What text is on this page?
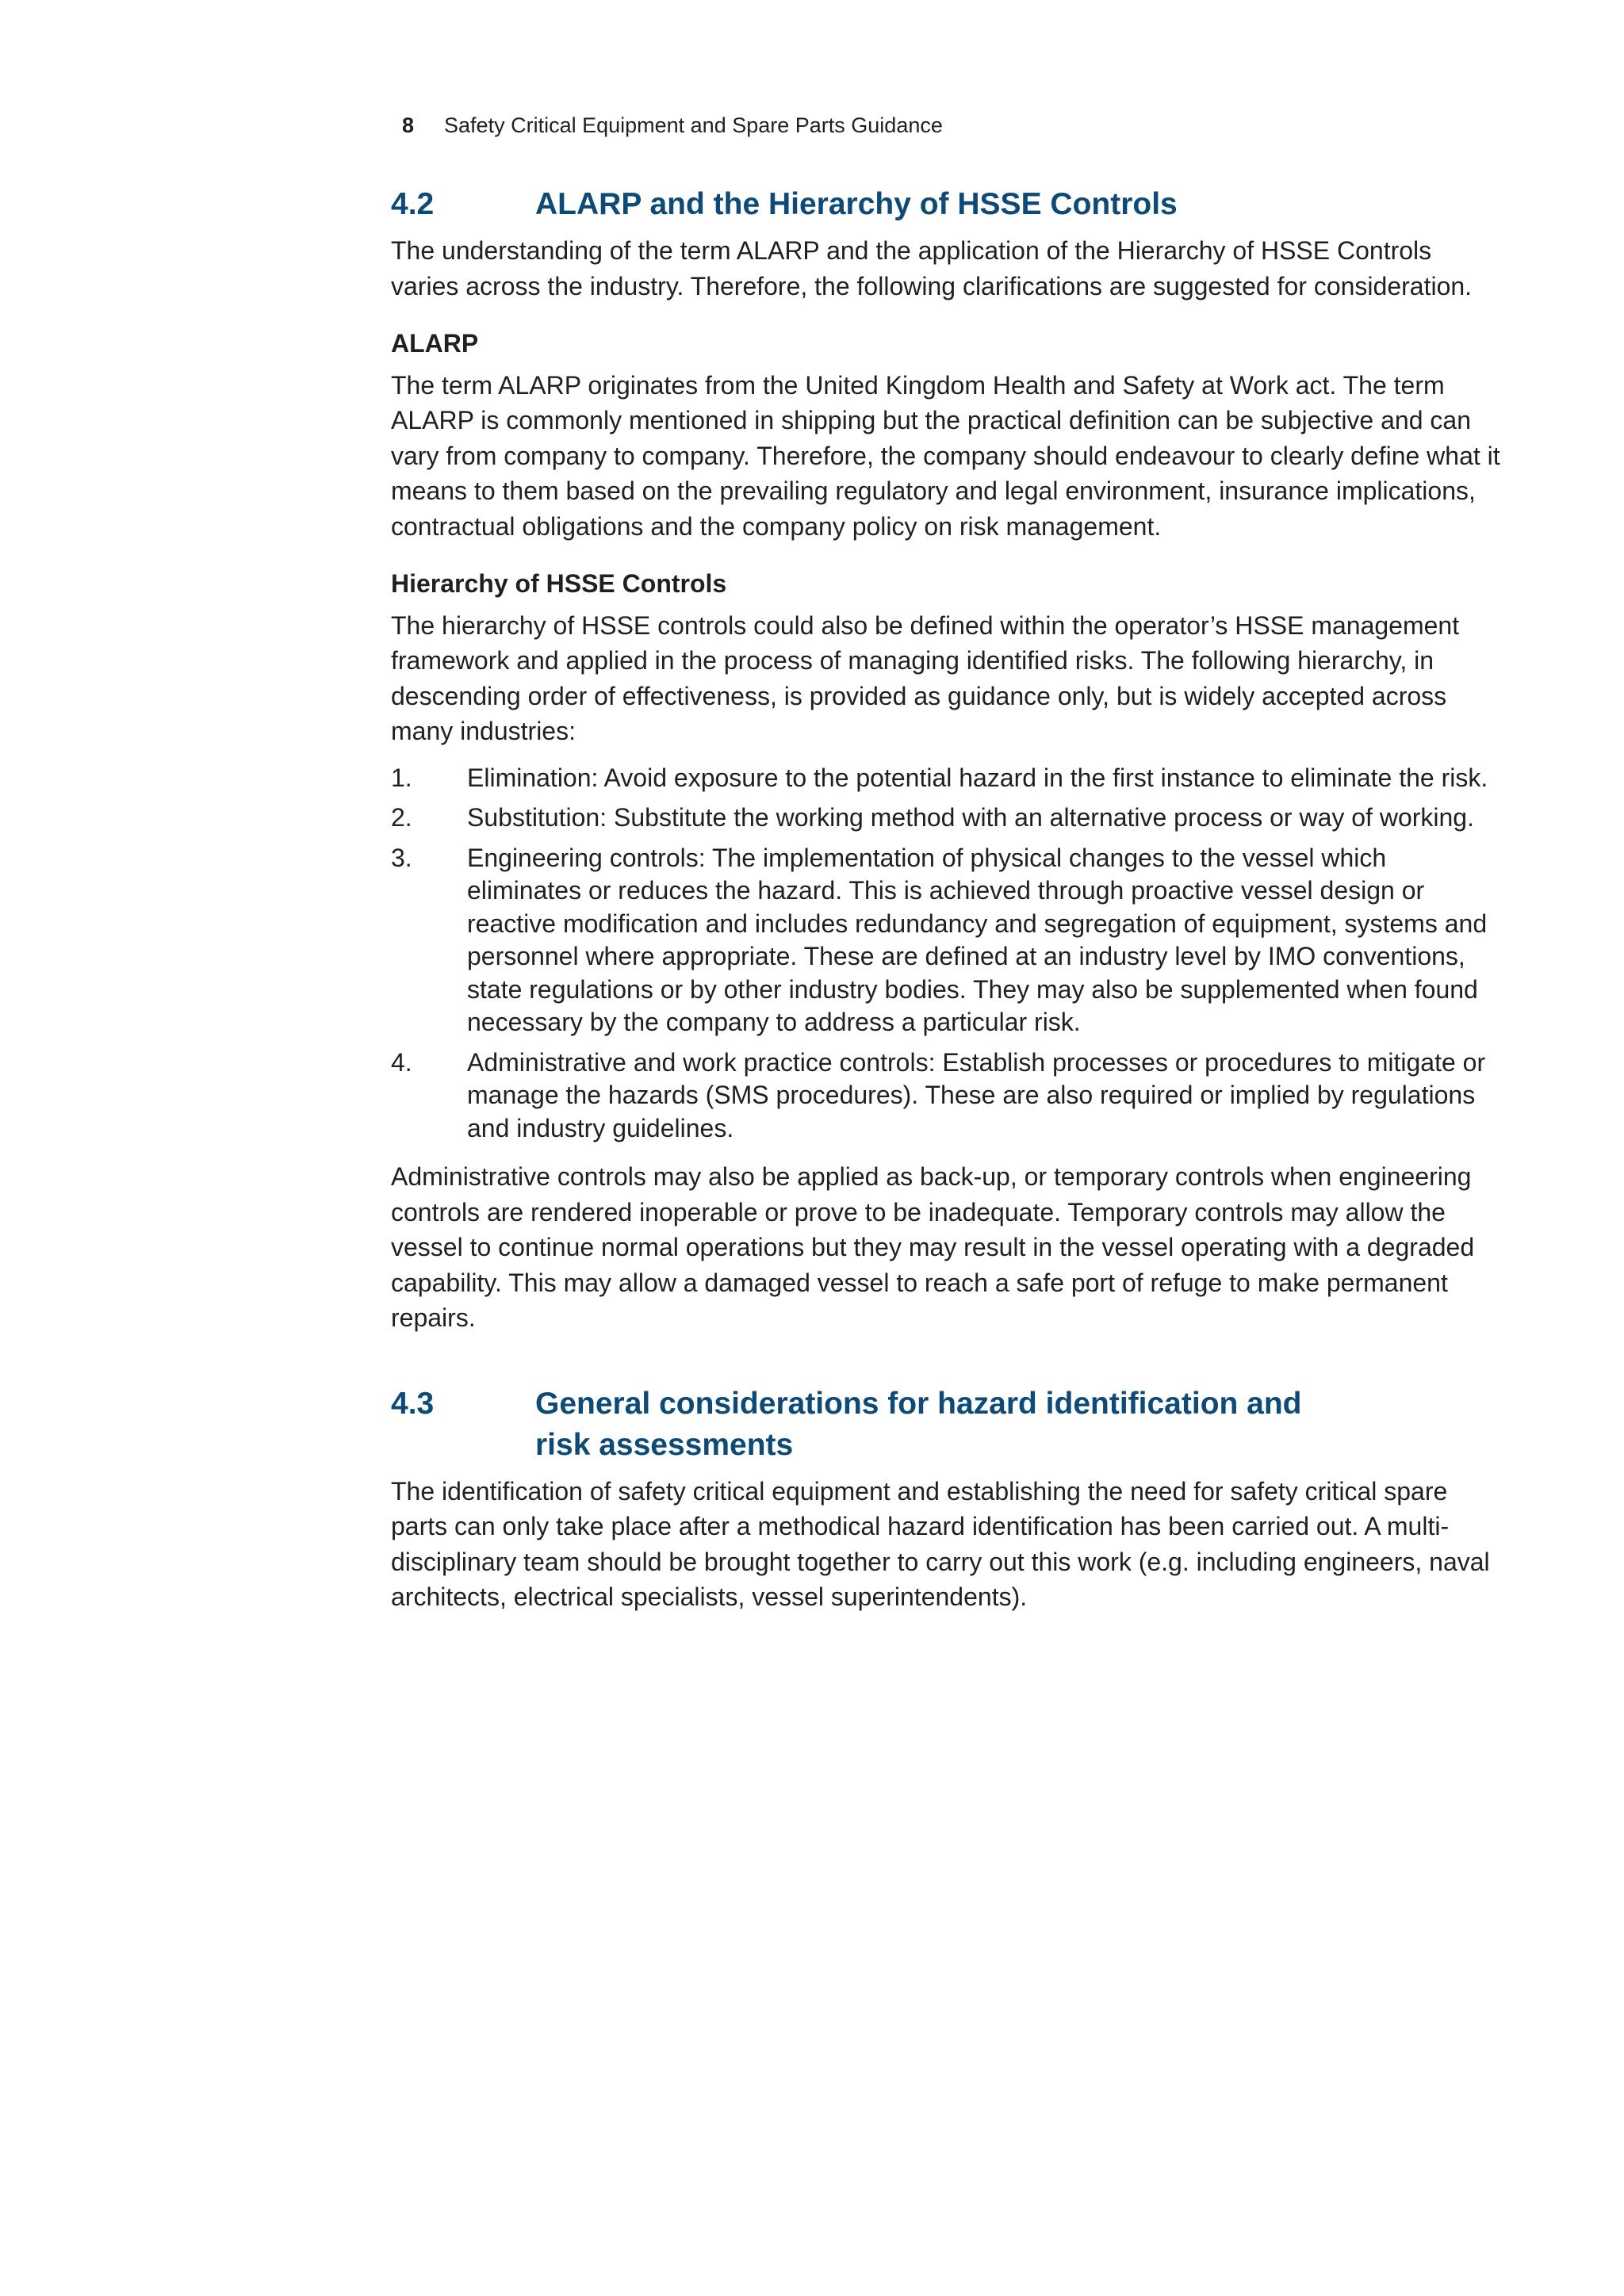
8 Safety Critical Equipment and Spare Parts Guidance
4.2	ALARP and the Hierarchy of HSSE Controls

The understanding of the term ALARP and the application of the Hierarchy of HSSE Controls varies across the industry. Therefore, the following clarifications are suggested for consideration.

ALARP

The term ALARP originates from the United Kingdom Health and Safety at Work act. The term ALARP is commonly mentioned in shipping but the practical definition can be subjective and can vary from company to company. Therefore, the company should endeavour to clearly define what it means to them based on the prevailing regulatory and legal environment, insurance implications, contractual obligations and the company policy on risk management.

Hierarchy of HSSE Controls

The hierarchy of HSSE controls could also be defined within the operator’s HSSE management framework and applied in the process of managing identified risks. The following hierarchy, in descending order of effectiveness, is provided as guidance only, but is widely accepted across many industries:

1.	Elimination: Avoid exposure to the potential hazard in the first instance to eliminate the risk.
2.	Substitution: Substitute the working method with an alternative process or way of working.
3.	Engineering controls: The implementation of physical changes to the vessel which eliminates or reduces the hazard. This is achieved through proactive vessel design or reactive modification and includes redundancy and segregation of equipment, systems and personnel where appropriate. These are defined at an industry level by IMO conventions, state regulations or by other industry bodies. They may also be supplemented when found necessary by the company to address a particular risk.
4.	Administrative and work practice controls: Establish processes or procedures to mitigate or manage the hazards (SMS procedures). These are also required or implied by regulations and industry guidelines.

Administrative controls may also be applied as back-up, or temporary controls when engineering controls are rendered inoperable or prove to be inadequate. Temporary controls may allow the vessel to continue normal operations but they may result in the vessel operating with a degraded capability. This may allow a damaged vessel to reach a safe port of refuge to make permanent repairs.

4.3	General considerations for hazard identification and
risk assessments

The identification of safety critical equipment and establishing the need for safety critical spare parts can only take place after a methodical hazard identification has been carried out. A multi-disciplinary team should be brought together to carry out this work (e.g. including engineers, naval architects, electrical specialists, vessel superintendents).
